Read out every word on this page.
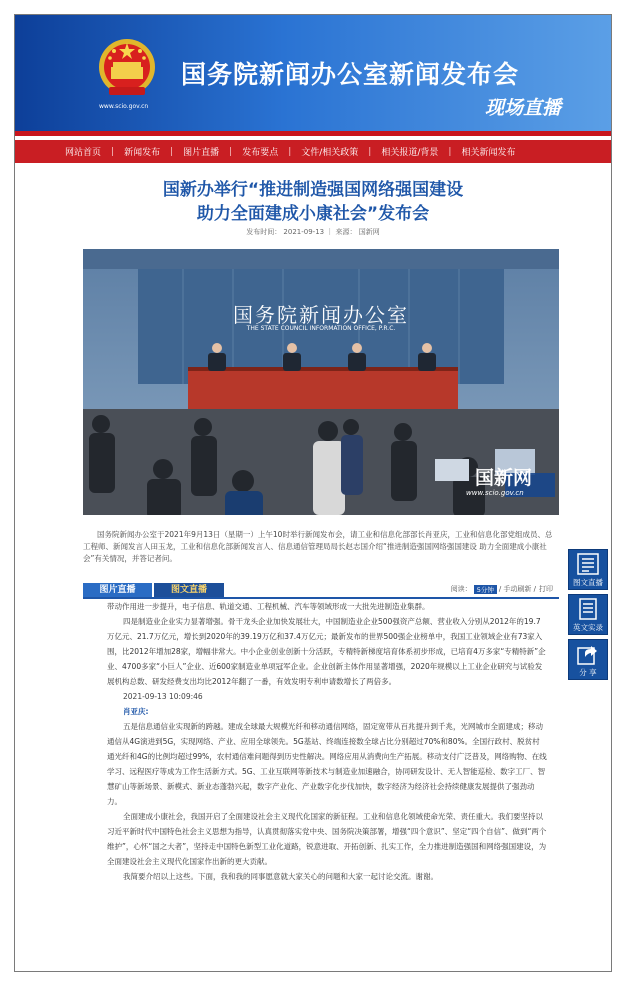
www.scio.gov.cn
国务院新闻办公室新闻发布会
现场直播
网站首页 | 新闻发布 | 图片直播 | 发布要点 | 文件/相关政策 | 相关报道/背景 | 相关新闻发布
国新办举行“推进制造强国网络强国建设
助力全面建成小康社会”发布会
发布时间： 2021-09-13 ｜ 来源： 国新网
国务院新闻办公室
THE STATE COUNCIL INFORMATION OFFICE, P.R.C.
国新网
www.scio.gov.cn
国务院新闻办公室于2021年9月13日（星期一）上午10时举行新闻发布会，请工业和信息化部部长肖亚庆，工业和信息化部党组成员、总工程师、新闻发言人田玉龙，工业和信息化部新闻发言人、信息通信管理局局长赵志国介绍“推进制造强国网络强国建设 助力全面建成小康社会”有关情况，并答记者问。
图片直播	图文直播	阅读： 5分钟 / 手动刷新 / 打印
带动作用进一步提升，电子信息、轨道交通、工程机械、汽车等领域形成一大批先进制造业集群。
四是制造业企业实力显著增强。骨干龙头企业加快发展壮大，中国制造业企业500强资产总额、营业收入分别从2012年的19.7万亿元、21.7万亿元，增长到2020年的39.19万亿和37.4万亿元；最新发布的世界500强企业榜单中，我国工业领域企业有73家入围，比2012年增加28家，增幅非常大。中小企业创业创新十分活跃，专精特新梯度培育体系初步形成，已培育4万多家“专精特新”企业、4700多家“小巨人”企业、近600家制造业单项冠军企业。企业创新主体作用显著增强，2020年规模以上工业企业研究与试验发展机构总数、研发经费支出均比2012年翻了一番，有效发明专利申请数增长了两倍多。
2021-09-13 10:09:46
肖亚庆:
五是信息通信业实现新的跨越。建成全球最大规模光纤和移动通信网络，固定宽带从百兆提升到千兆，光网城市全面建成；移动通信从4G演进到5G，实现网络、产业、应用全球领先。5G基站、终端连接数全球占比分别超过70%和80%。全国行政村、脱贫村通光纤和4G的比例均超过99%，农村通信难问题得到历史性解决。网络应用从消费向生产拓展。移动支付广泛普及，网络购物、在线学习、远程医疗等成为工作生活新方式。5G、工业互联网等新技术与制造业加速融合，协同研发设计、无人智能巡检、数字工厂、智慧矿山等新场景、新模式、新业态蓬勃兴起，数字产业化、产业数字化步伐加快，数字经济为经济社会持续健康发展提供了强劲动力。
全面建成小康社会，我国开启了全面建设社会主义现代化国家的新征程。工业和信息化领域使命光荣、责任重大。我们要坚持以习近平新时代中国特色社会主义思想为指导，认真贯彻落实党中央、国务院决策部署，增强“四个意识”、坚定“四个自信”、做到“两个维护”，心怀“国之大者”，坚持走中国特色新型工业化道路，锐意进取、开拓创新、扎实工作，全力推进制造强国和网络强国建设，为全面建设社会主义现代化国家作出新的更大贡献。
我简要介绍以上这些。下面，我和我的同事愿意就大家关心的问题和大家一起讨论交流。谢谢。
图文直播
英文实录
分 享
